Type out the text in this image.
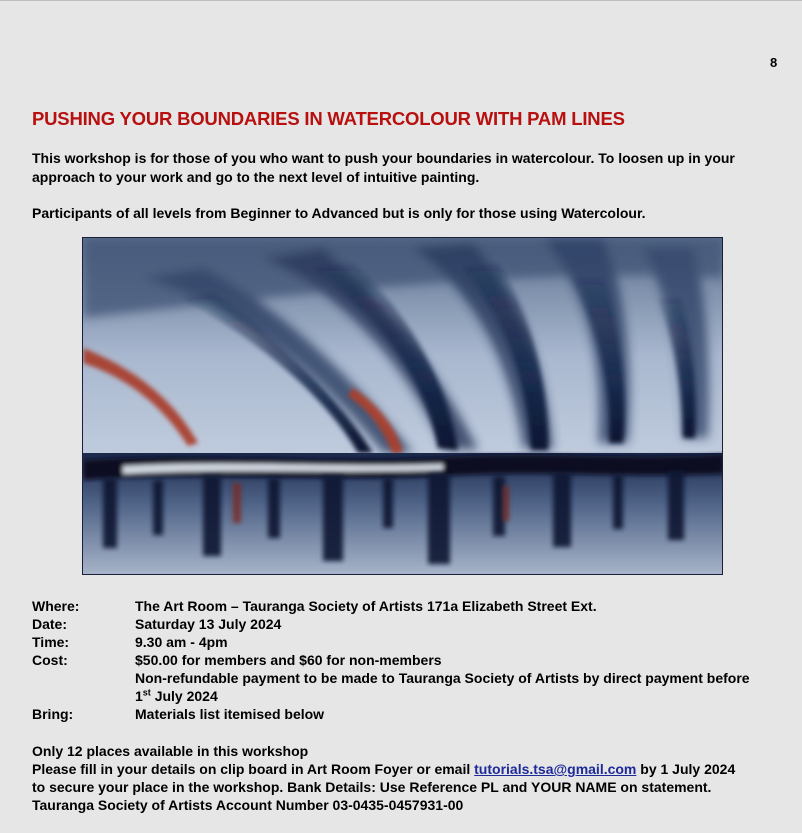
8
PUSHING YOUR BOUNDARIES IN WATERCOLOUR WITH PAM LINES
This workshop is for those of you who want to push your boundaries in watercolour. To loosen up in your approach to your work and go to the next level of intuitive painting.
Participants of all levels from Beginner to Advanced but is only for those using Watercolour.
Where:	The Art Room – Tauranga Society of Artists 171a Elizabeth Street Ext.
Date:	Saturday 13 July 2024
Time:	9.30 am - 4pm
Cost:	$50.00 for members and $60 for non-members
Non-refundable payment to be made to Tauranga Society of Artists by direct payment before
1st July 2024
Bring:	Materials list itemised below
Only 12 places available in this workshop
Please fill in your details on clip board in Art Room Foyer or email tutorials.tsa@gmail.com by 1 July 2024
to secure your place in the workshop. Bank Details: Use Reference PL and YOUR NAME on statement.
Tauranga Society of Artists Account Number 03-0435-0457931-00
